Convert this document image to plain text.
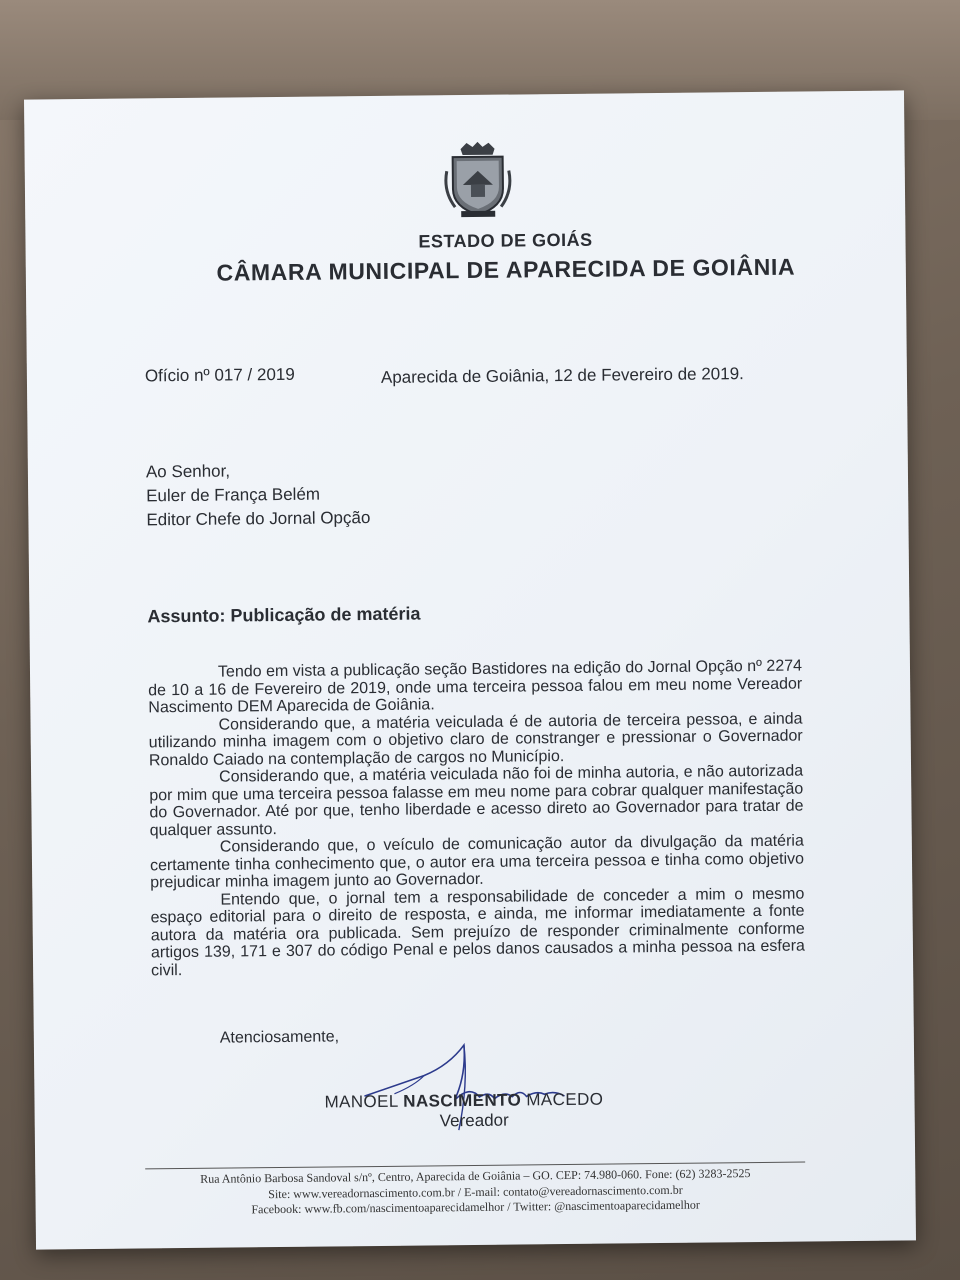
ESTADO DE GOIÁS
CÂMARA MUNICIPAL DE APARECIDA DE GOIÂNIA
Ofício nº 017 / 2019	Aparecida de Goiânia, 12 de Fevereiro de 2019.
Ao Senhor,
Euler de França Belém
Editor Chefe do Jornal Opção
Assunto: Publicação de matéria

Tendo em vista a publicação seção Bastidores na edição do Jornal Opção nº 2274 de 10 a 16 de Fevereiro de 2019, onde uma terceira pessoa falou em meu nome Vereador Nascimento DEM Aparecida de Goiânia.

Considerando que, a matéria veiculada é de autoria de terceira pessoa, e ainda utilizando minha imagem com o objetivo claro de constranger e pressionar o Governador Ronaldo Caiado na contemplação de cargos no Município.

Considerando que, a matéria veiculada não foi de minha autoria, e não autorizada por mim que uma terceira pessoa falasse em meu nome para cobrar qualquer manifestação do Governador. Até por que, tenho liberdade e acesso direto ao Governador para tratar de qualquer assunto.

Considerando que, o veículo de comunicação autor da divulgação da matéria certamente tinha conhecimento que, o autor era uma terceira pessoa e tinha como objetivo prejudicar minha imagem junto ao Governador.

Entendo que, o jornal tem a responsabilidade de conceder a mim o mesmo espaço editorial para o direito de resposta, e ainda, me informar imediatamente a fonte autora da matéria ora publicada. Sem prejuízo de responder criminalmente conforme artigos 139, 171 e 307 do código Penal e pelos danos causados a minha pessoa na esfera civil.

Atenciosamente,
MANOEL NASCIMENTO MACEDO
Vereador
Rua Antônio Barbosa Sandoval s/nº, Centro, Aparecida de Goiânia – GO. CEP: 74.980-060. Fone: (62) 3283-2525
Site: www.vereadornascimento.com.br / E-mail: contato@vereadornascimento.com.br
Facebook: www.fb.com/nascimentoaparecidamelhor / Twitter: @nascimentoaparecidamelhor
